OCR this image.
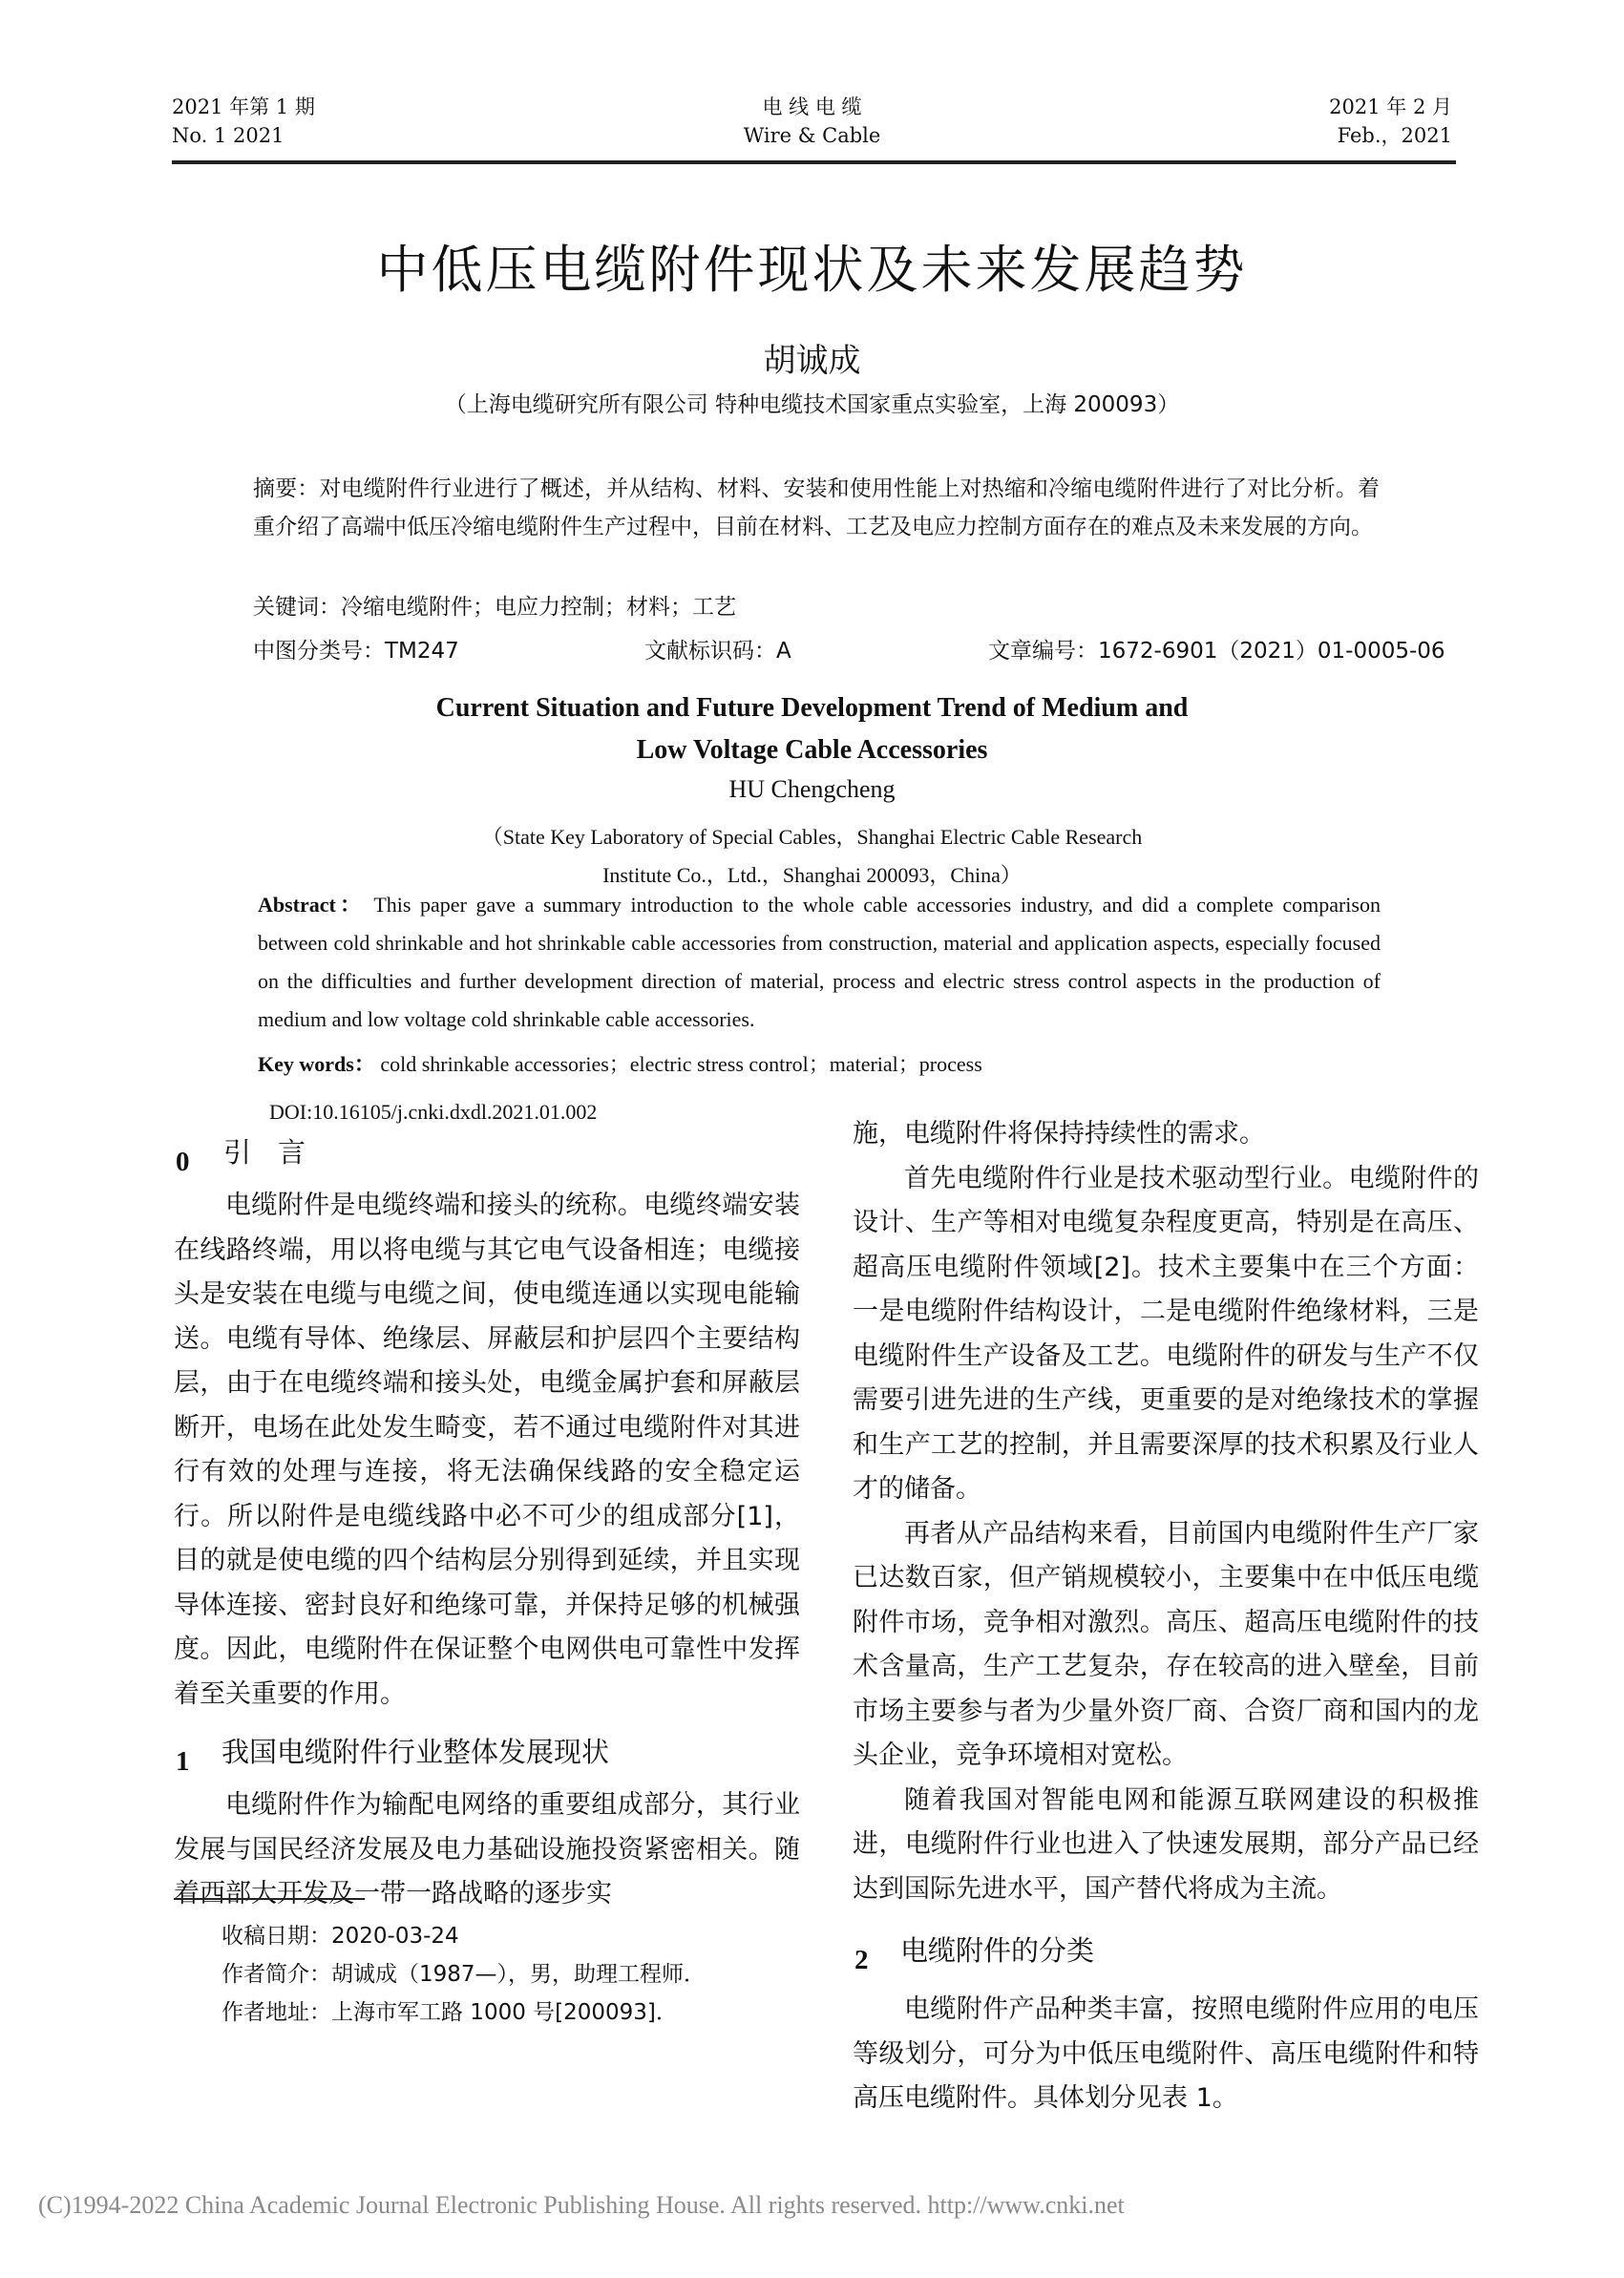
2021 年第 1 期
No. 1 2021
电 线 电 缆
Wire & Cable
2021 年 2 月
Feb.，2021
中低压电缆附件现状及未来发展趋势
胡诚成
（上海电缆研究所有限公司 特种电缆技术国家重点实验室，上海 200093）
摘要：对电缆附件行业进行了概述，并从结构、材料、安装和使用性能上对热缩和冷缩电缆附件进行了对比分析。着重介绍了高端中低压冷缩电缆附件生产过程中，目前在材料、工艺及电应力控制方面存在的难点及未来发展的方向。
关键词：冷缩电缆附件；电应力控制；材料；工艺
中图分类号：TM247	文献标识码：A	文章编号：1672-6901（2021）01-0005-06
Current Situation and Future Development Trend of Medium and
Low Voltage Cable Accessories
HU Chengcheng
（State Key Laboratory of Special Cables，Shanghai Electric Cable Research
Institute Co.，Ltd.，Shanghai 200093，China）
Abstract： This paper gave a summary introduction to the whole cable accessories industry, and did a complete comparison between cold shrinkable and hot shrinkable cable accessories from construction, material and application aspects, especially focused on the difficulties and further development direction of material, process and electric stress control aspects in the production of medium and low voltage cold shrinkable cable accessories.
Key words： cold shrinkable accessories；electric stress control；material；process
DOI:10.16105/j.cnki.dxdl.2021.01.002
0 引言

电缆附件是电缆终端和接头的统称。电缆终端安装在线路终端，用以将电缆与其它电气设备相连；电缆接头是安装在电缆与电缆之间，使电缆连通以实现电能输送。电缆有导体、绝缘层、屏蔽层和护层四个主要结构层，由于在电缆终端和接头处，电缆金属护套和屏蔽层断开，电场在此处发生畸变，若不通过电缆附件对其进行有效的处理与连接，将无法确保线路的安全稳定运行。所以附件是电缆线路中必不可少的组成部分[1]，目的就是使电缆的四个结构层分别得到延续，并且实现导体连接、密封良好和绝缘可靠，并保持足够的机械强度。因此，电缆附件在保证整个电网供电可靠性中发挥着至关重要的作用。

1 我国电缆附件行业整体发展现状

电缆附件作为输配电网络的重要组成部分，其行业发展与国民经济发展及电力基础设施投资紧密相关。随着西部大开发及一带一路战略的逐步实

施，电缆附件将保持持续性的需求。

首先电缆附件行业是技术驱动型行业。电缆附件的设计、生产等相对电缆复杂程度更高，特别是在高压、超高压电缆附件领域[2]。技术主要集中在三个方面：一是电缆附件结构设计，二是电缆附件绝缘材料，三是电缆附件生产设备及工艺。电缆附件的研发与生产不仅需要引进先进的生产线，更重要的是对绝缘技术的掌握和生产工艺的控制，并且需要深厚的技术积累及行业人才的储备。

再者从产品结构来看，目前国内电缆附件生产厂家已达数百家，但产销规模较小，主要集中在中低压电缆附件市场，竞争相对激烈。高压、超高压电缆附件的技术含量高，生产工艺复杂，存在较高的进入壁垒，目前市场主要参与者为少量外资厂商、合资厂商和国内的龙头企业，竞争环境相对宽松。

随着我国对智能电网和能源互联网建设的积极推进，电缆附件行业也进入了快速发展期，部分产品已经达到国际先进水平，国产替代将成为主流。

2 电缆附件的分类

电缆附件产品种类丰富，按照电缆附件应用的电压等级划分，可分为中低压电缆附件、高压电缆附件和特高压电缆附件。具体划分见表 1。

收稿日期：2020-03-24
作者简介：胡诚成（1987—），男，助理工程师．
作者地址：上海市军工路 1000 号[200093]．
(C)1994-2022 China Academic Journal Electronic Publishing House. All rights reserved. http://www.cnki.net
